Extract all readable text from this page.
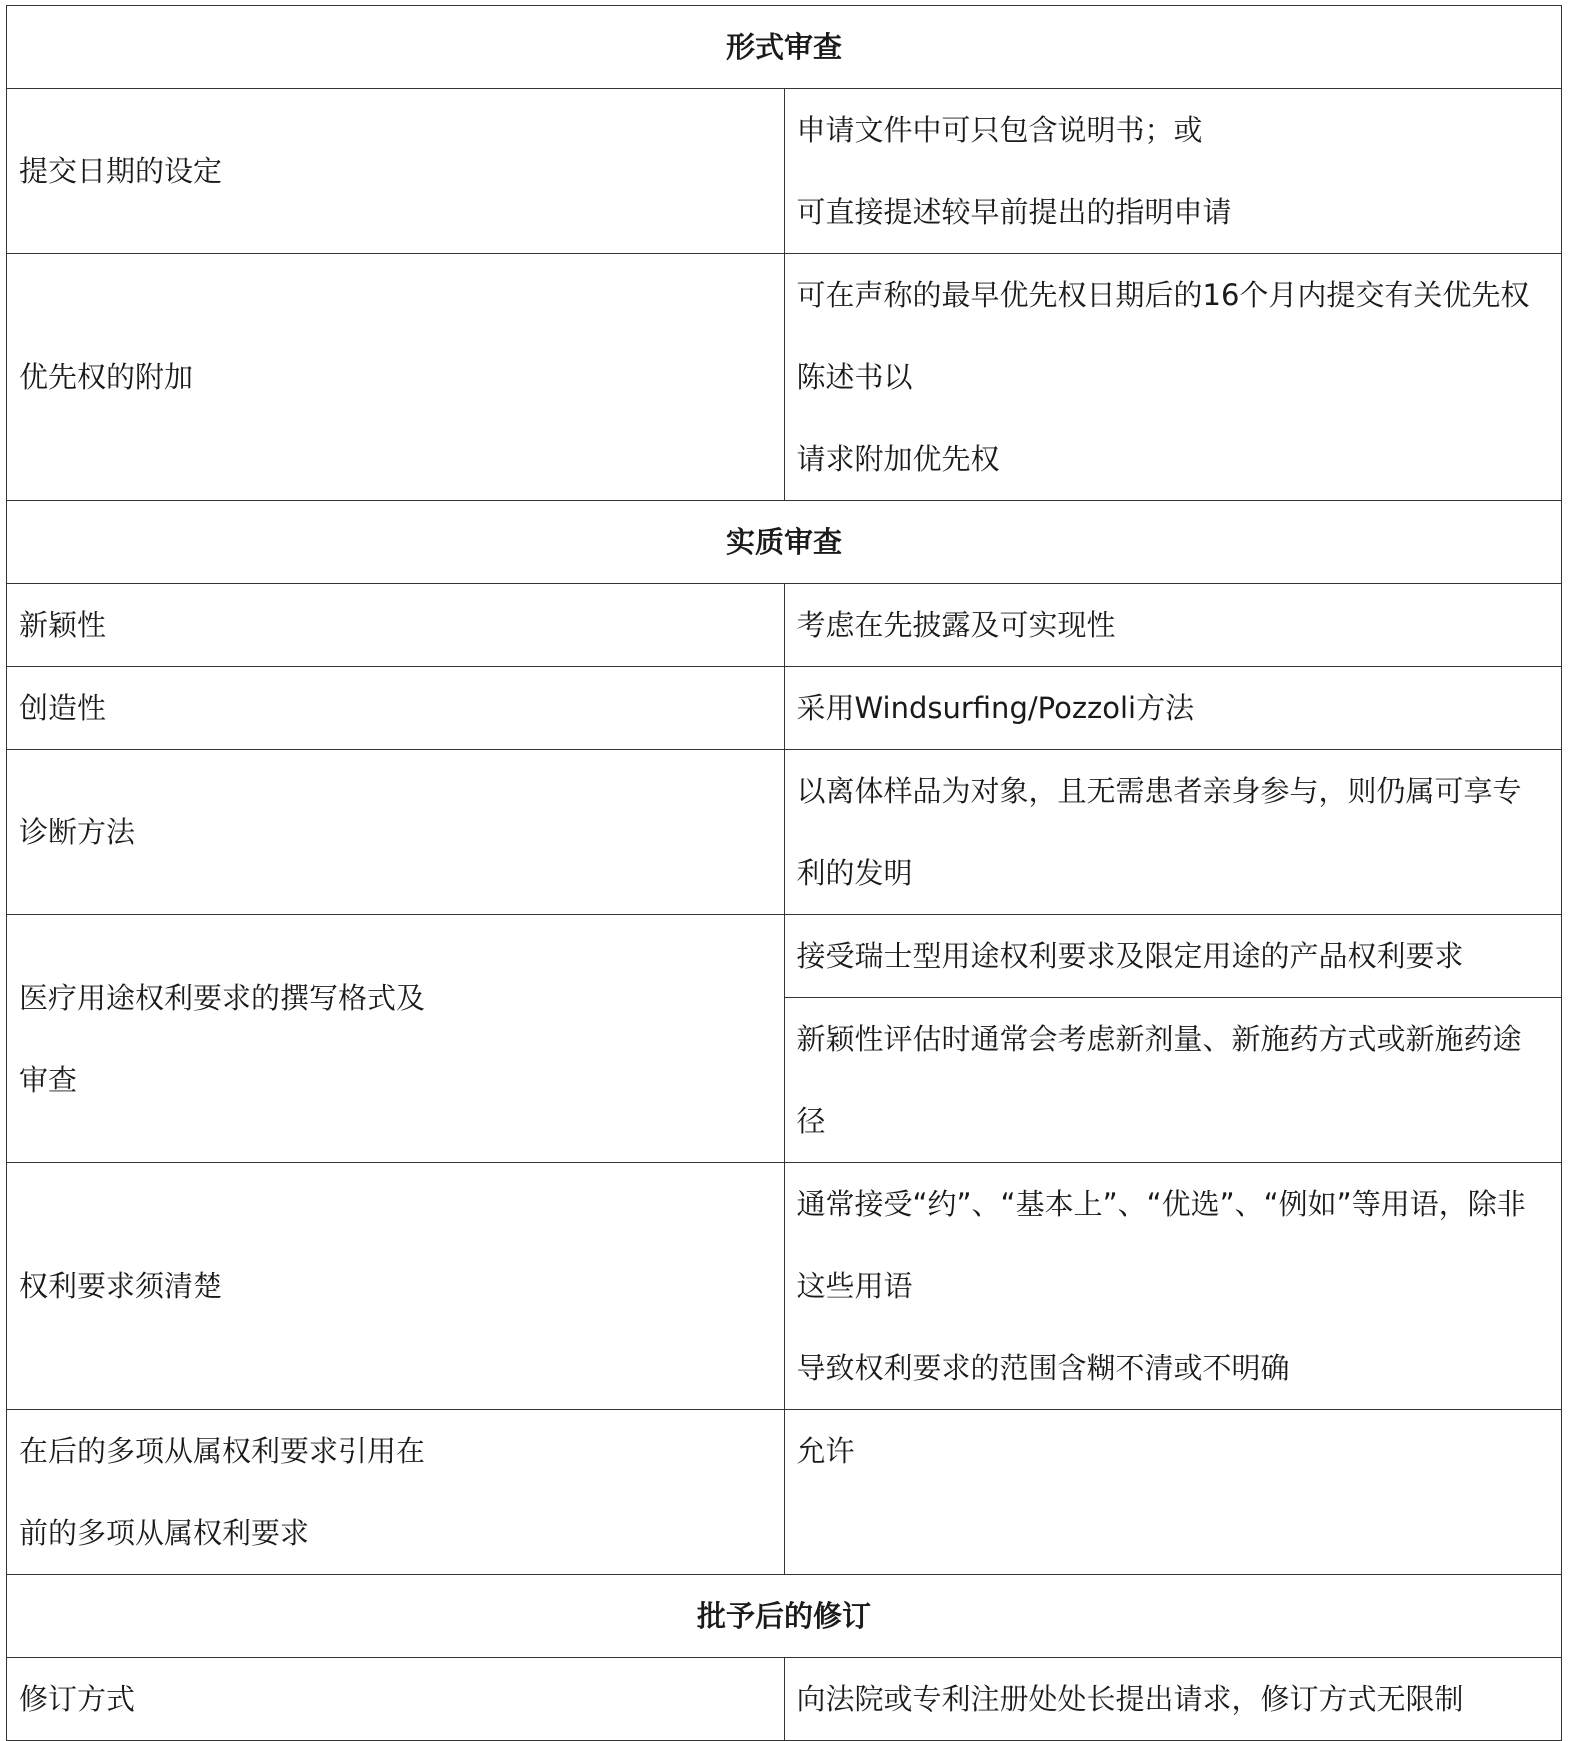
形式审查	
提交日期的设定	申请文件中可只包含说明书；或
可直接提述较早前提出的指明申请

优先权的附加	可在声称的最早优先权日期后的16个月内提交有关优先权陈述书以
请求附加优先权

实质审查	
新颖性	考虑在先披露及可实现性
创造性	采用Windsurfing/Pozzoli方法
诊断方法	以离体样品为对象，且无需患者亲身参与，则仍属可享专利的发明

医疗用途权利要求的撰写格式及
审查	接受瑞士型用途权利要求及限定用途的产品权利要求
	新颖性评估时通常会考虑新剂量、新施药方式或新施药途径
权利要求须清楚	通常接受“约”、“基本上”、“优选”、“例如”等用语，除非这些用语
导致权利要求的范围含糊不清或不明确

在后的多项从属权利要求引用在
前的多项从属权利要求	允许
批予后的修订	
修订方式	向法院或专利注册处处长提出请求，修订方式无限制
